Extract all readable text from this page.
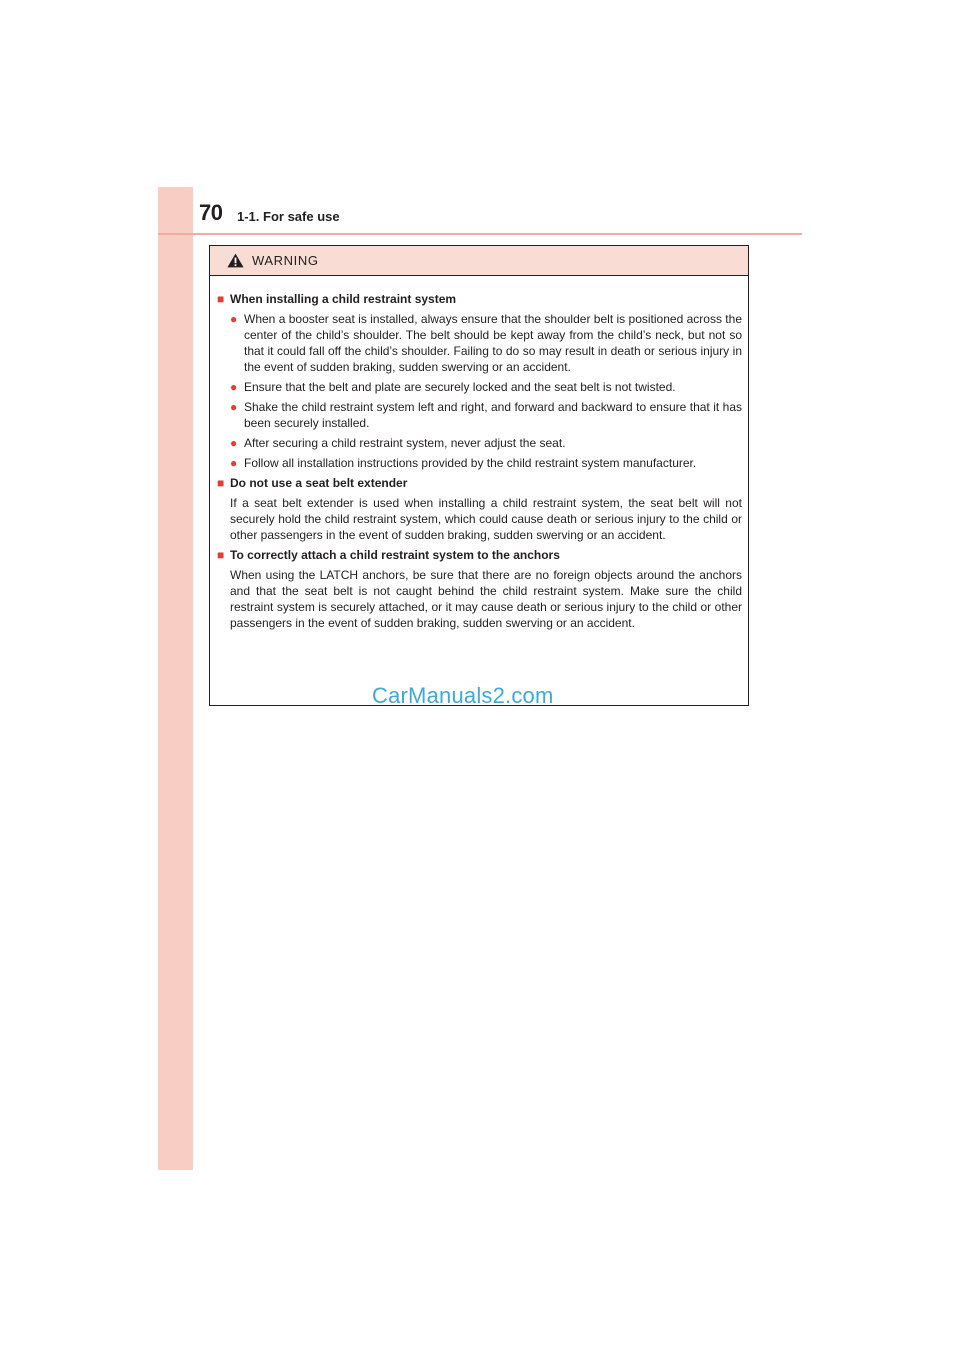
70 1-1. For safe use
WARNING
■ When installing a child restraint system
● When a booster seat is installed, always ensure that the shoulder belt is positioned across the center of the child’s shoulder. The belt should be kept away from the child’s neck, but not so that it could fall off the child’s shoulder. Failing to do so may result in death or serious injury in the event of sudden braking, sudden swerving or an accident.
● Ensure that the belt and plate are securely locked and the seat belt is not twisted.
● Shake the child restraint system left and right, and forward and backward to ensure that it has been securely installed.
● After securing a child restraint system, never adjust the seat.
● Follow all installation instructions provided by the child restraint system manufacturer.
■ Do not use a seat belt extender
If a seat belt extender is used when installing a child restraint system, the seat belt will not securely hold the child restraint system, which could cause death or serious injury to the child or other passengers in the event of sudden braking, sudden swerving or an accident.
■ To correctly attach a child restraint system to the anchors
When using the LATCH anchors, be sure that there are no foreign objects around the anchors and that the seat belt is not caught behind the child restraint system. Make sure the child restraint system is securely attached, or it may cause death or serious injury to the child or other passengers in the event of sudden braking, sudden swerving or an accident.
CarManuals2.com
